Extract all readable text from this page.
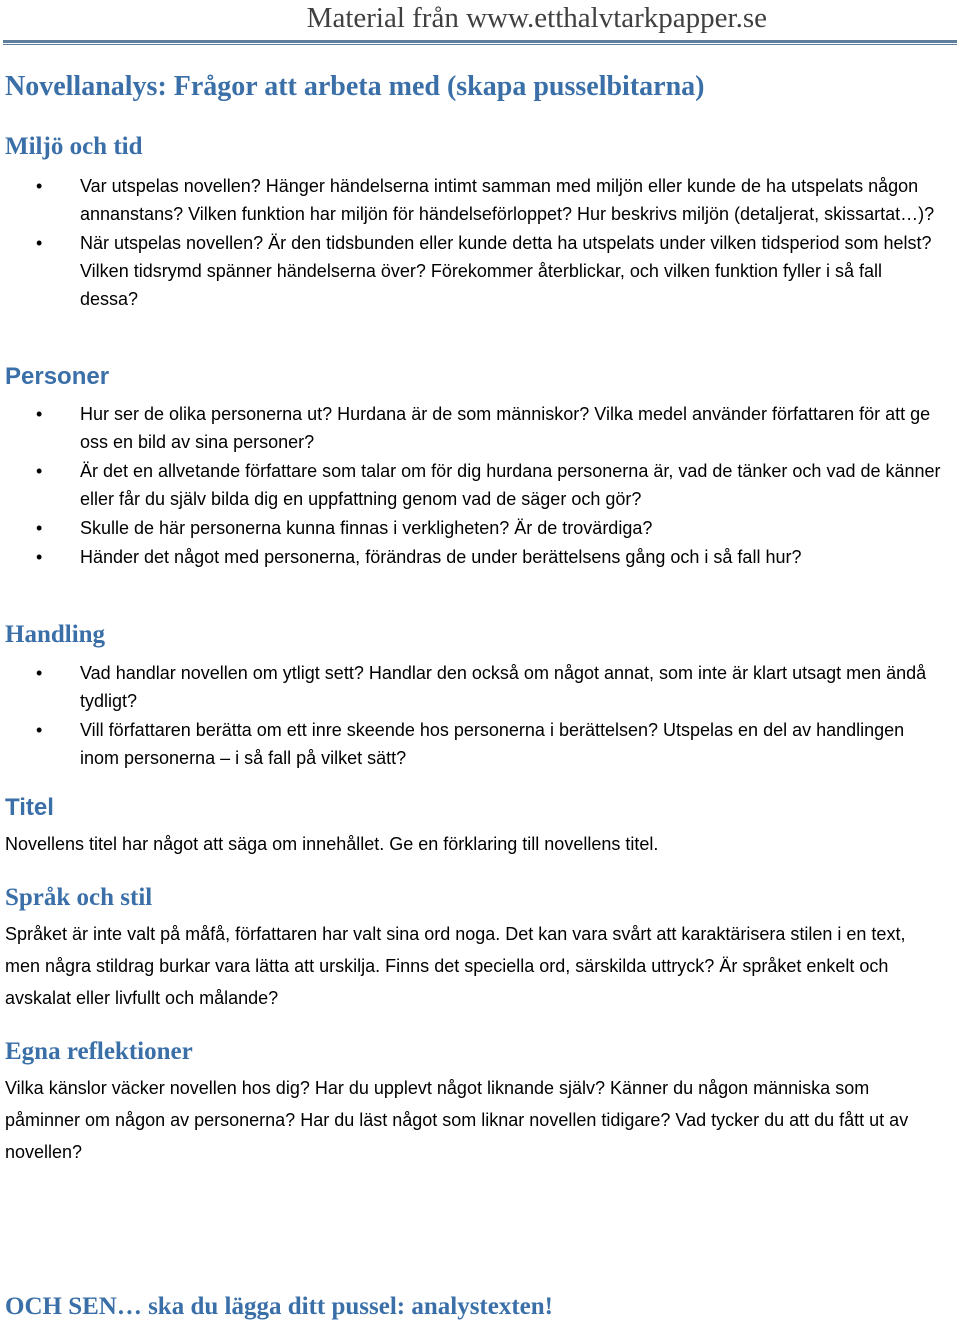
Material från www.etthalvtarkpapper.se
Novellanalys: Frågor att arbeta med (skapa pusselbitarna)
Miljö och tid
• Var utspelas novellen? Hänger händelserna intimt samman med miljön eller kunde de ha utspelats någon annanstans? Vilken funktion har miljön för händelseförloppet? Hur beskrivs miljön (detaljerat, skissartat…)?
• När utspelas novellen? Är den tidsbunden eller kunde detta ha utspelats under vilken tidsperiod som helst? Vilken tidsrymd spänner händelserna över? Förekommer återblickar, och vilken funktion fyller i så fall dessa?
Personer
• Hur ser de olika personerna ut? Hurdana är de som människor? Vilka medel använder författaren för att ge oss en bild av sina personer?
• Är det en allvetande författare som talar om för dig hurdana personerna är, vad de tänker och vad de känner eller får du själv bilda dig en uppfattning genom vad de säger och gör?
• Skulle de här personerna kunna finnas i verkligheten? Är de trovärdiga?
• Händer det något med personerna, förändras de under berättelsens gång och i så fall hur?
Handling
• Vad handlar novellen om ytligt sett? Handlar den också om något annat, som inte är klart utsagt men ändå tydligt?
• Vill författaren berätta om ett inre skeende hos personerna i berättelsen? Utspelas en del av handlingen inom personerna – i så fall på vilket sätt?
Titel

Novellens titel har något att säga om innehållet. Ge en förklaring till novellens titel.

Språk och stil

Språket är inte valt på måfå, författaren har valt sina ord noga. Det kan vara svårt att karaktärisera stilen i en text, men några stildrag burkar vara lätta att urskilja. Finns det speciella ord, särskilda uttryck? Är språket enkelt och avskalat eller livfullt och målande?

Egna reflektioner

Vilka känslor väcker novellen hos dig? Har du upplevt något liknande själv? Känner du någon människa som påminner om någon av personerna? Har du läst något som liknar novellen tidigare? Vad tycker du att du fått ut av novellen?

OCH SEN… ska du lägga ditt pussel: analystexten!
